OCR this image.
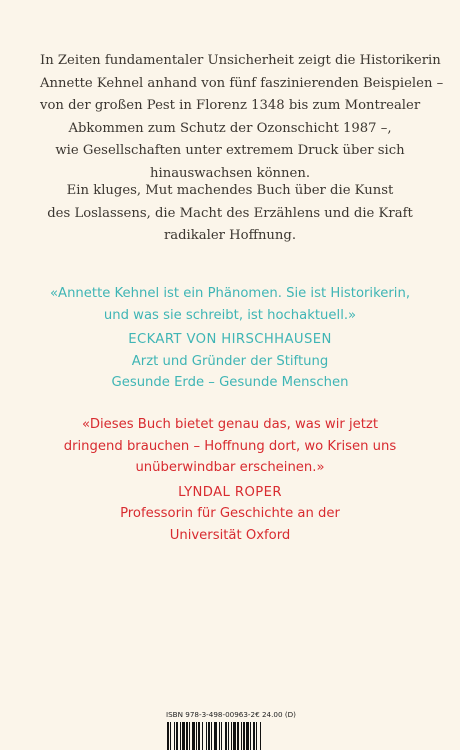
In Zeiten fundamentaler Unsicherheit zeigt die Historikerin
Annette Kehnel anhand von fünf faszinierenden Beispielen –
von der großen Pest in Florenz 1348 bis zum Montrealer
Abkommen zum Schutz der Ozonschicht 1987 –,
wie Gesellschaften unter extremem Druck über sich
hinauswachsen können.
Ein kluges, Mut machendes Buch über die Kunst
des Loslassens, die Macht des Erzählens und die Kraft
radikaler Hoffnung.
«Annette Kehnel ist ein Phänomen. Sie ist Historikerin,
und was sie schreibt, ist hochaktuell.»
ECKART VON HIRSCHHAUSEN
Arzt und Gründer der Stiftung
Gesunde Erde – Gesunde Menschen
«Dieses Buch bietet genau das, was wir jetzt
dringend brauchen – Hoffnung dort, wo Krisen uns
unüberwindbar erscheinen.»
LYNDAL ROPER
Professorin für Geschichte an der
Universität Oxford
ISBN 978-3-498-00963-2 € 24.00 (D)
